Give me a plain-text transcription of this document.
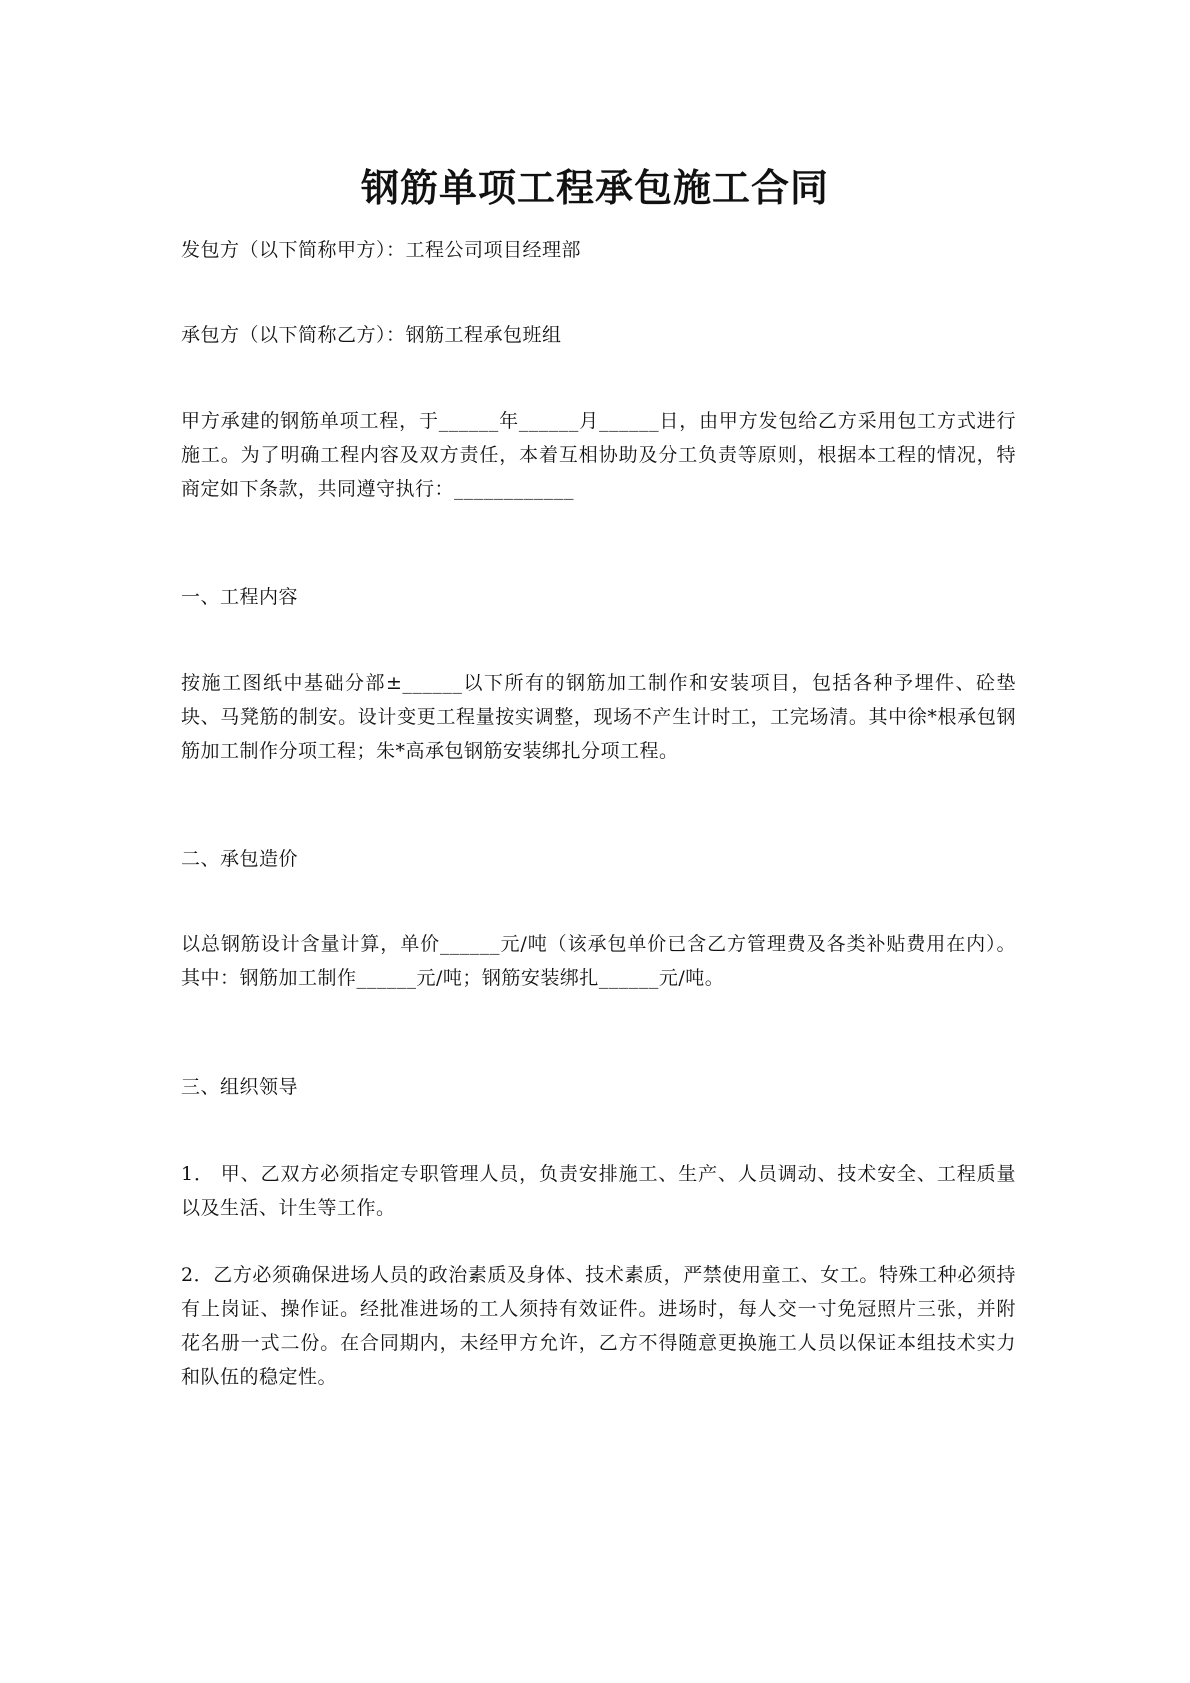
钢筋单项工程承包施工合同
发包方（以下简称甲方）：工程公司项目经理部
承包方（以下简称乙方）：钢筋工程承包班组
甲方承建的钢筋单项工程，于______年______月______日，由甲方发包给乙方采用包工方式进行施工。为了明确工程内容及双方责任，本着互相协助及分工负责等原则，根据本工程的情况，特商定如下条款，共同遵守执行：____________
一、工程内容
按施工图纸中基础分部±______以下所有的钢筋加工制作和安装项目，包括各种予埋件、砼垫块、马凳筋的制安。设计变更工程量按实调整，现场不产生计时工，工完场清。其中徐*根承包钢筋加工制作分项工程；朱*高承包钢筋安装绑扎分项工程。
二、承包造价
以总钢筋设计含量计算，单价______元/吨（该承包单价已含乙方管理费及各类补贴费用在内）。其中：钢筋加工制作______元/吨；钢筋安装绑扎______元/吨。
三、组织领导
1． 甲、乙双方必须指定专职管理人员，负责安排施工、生产、人员调动、技术安全、工程质量以及生活、计生等工作。
2．乙方必须确保进场人员的政治素质及身体、技术素质，严禁使用童工、女工。特殊工种必须持有上岗证、操作证。经批准进场的工人须持有效证件。进场时，每人交一寸免冠照片三张，并附花名册一式二份。在合同期内，未经甲方允许，乙方不得随意更换施工人员以保证本组技术实力和队伍的稳定性。
